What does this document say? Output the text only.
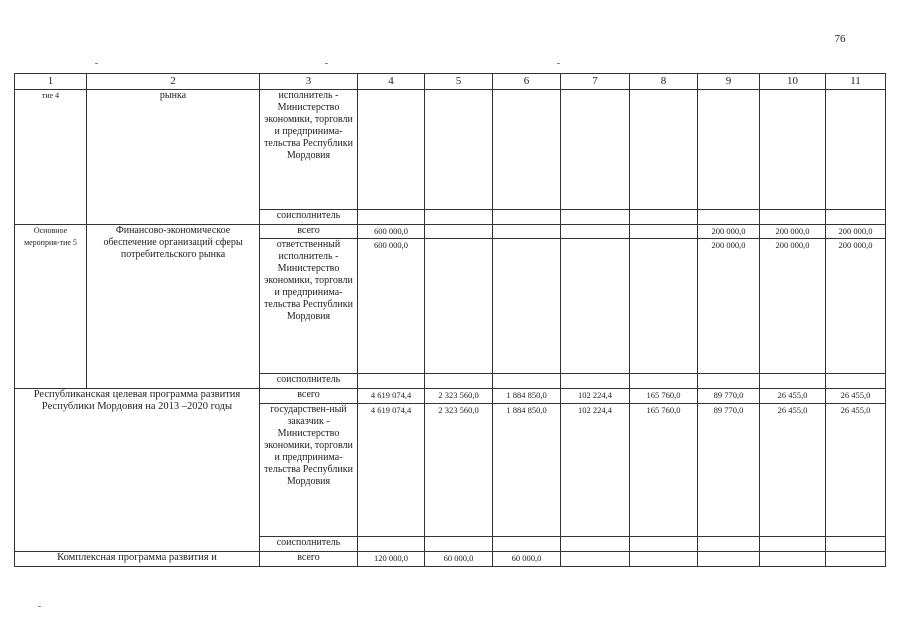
76
1	2	3	4	5	6	7	8	9	10	11
тие 4	рынка	исполнитель - Министерство экономики, торговли и предпринима-тельства Республики Мордовия								
		соисполнитель								
Основное мероприя-тие 5	Финансово-экономическое обеспечение организаций сферы потребительского рынка	всего	600 000,0					200 000,0	200 000,0	200 000,0
		ответственный исполнитель - Министерство экономики, торговли и предпринима-тельства Республики Мордовия	600 000,0					200 000,0	200 000,0	200 000,0
		соисполнитель								
Республиканская целевая программа развития Республики Мордовия на 2013 –2020 годы		всего	4 619 074,4	2 323 560,0	1 884 850,0	102 224,4	165 760,0	89 770,0	26 455,0	26 455,0
		государствен-ный заказчик - Министерство экономики, торговли и предпринима-тельства Республики Мордовия	4 619 074,4	2 323 560,0	1 884 850,0	102 224,4	165 760,0	89 770,0	26 455,0	26 455,0
		соисполнитель								
Комплексная программа развития и		всего	120 000,0	60 000,0	60 000,0					
